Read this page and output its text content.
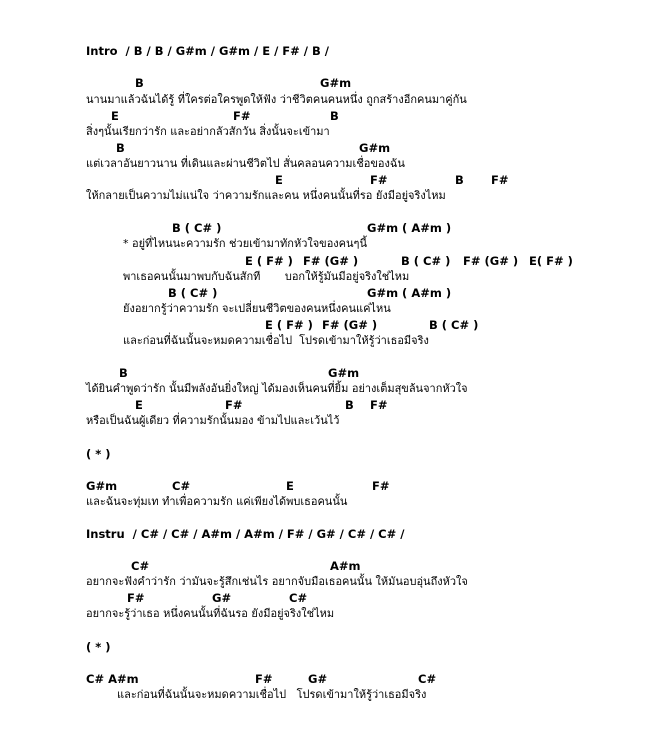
Intro  / B / B / G#m / G#m / E / F# / B /
B	G#m
นานมาแล้วฉันได้รู้ ที่ใครต่อใครพูดให้ฟัง ว่าชีวิตคนคนหนึ่ง ถูกสร้างอีกคนมาคู่กัน
E	F#	B
สิ่งๆนั้นเรียกว่ารัก และอย่ากลัวสักวัน สิ่งนั้นจะเข้ามา
B	G#m
แต่เวลาอันยาวนาน ที่เดินและผ่านชีวิตไป สั่นคลอนความเชื่อของฉัน
E	F#	B F#
ให้กลายเป็นความไม่แน่ใจ ว่าความรักและคน หนึ่งคนนั้นที่รอ ยังมีอยู่จริงไหม
B ( C# )	G#m ( A#m )
* อยู่ที่ไหนนะความรัก ช่วยเข้ามาทักหัวใจของคนๆนี้
E ( F# ) F# (G# )	B ( C# ) F# (G# ) E( F# )
พาเธอคนนั้นมาพบกับฉันสักที       บอกให้รู้มันมีอยู่จริงใช่ไหม
B ( C# )	G#m ( A#m )
ยังอยากรู้ว่าความรัก จะเปลี่ยนชีวิตของคนหนึ่งคนแค่ไหน
E ( F# ) F# (G# )	B ( C# )
และก่อนที่ฉันนั้นจะหมดความเชื่อไป  โปรดเข้ามาให้รู้ว่าเธอมีจริง
B	G#m
ได้ยินคำพูดว่ารัก นั้นมีพลังอันยิ่งใหญ่ ได้มองเห็นคนที่ยิ้ม อย่างเต็มสุขล้นจากหัวใจ
E	F#	B F#
หรือเป็นฉันผู้เดียว ที่ความรักนั้นมอง ข้ามไปและเว้นไว้
( * )
G#m	C#	E	F#
และฉันจะทุ่มเท ทำเพื่อความรัก แค่เพียงได้พบเธอคนนั้น
Instru  / C# / C# / A#m / A#m / F# / G# / C# / C# /
C#	A#m
อยากจะฟังคำว่ารัก ว่ามันจะรู้สึกเช่นไร อยากจับมือเธอคนนั้น ให้มันอบอุ่นถึงหัวใจ
F#	G#	C#
อยากจะรู้ว่าเธอ หนึ่งคนนั้นที่ฉันรอ ยังมีอยู่จริงใช่ไหม
( * )
C# A#m	F#	G#	C#
และก่อนที่ฉันนั้นจะหมดความเชื่อไป   โปรดเข้ามาให้รู้ว่าเธอมีจริง
